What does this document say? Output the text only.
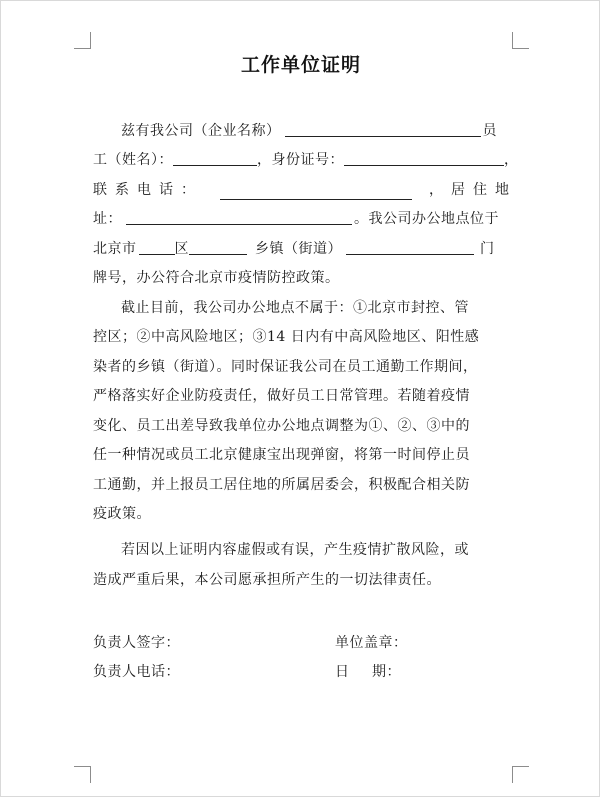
工作单位证明
兹有我公司（企业名称）	员
工（姓名）：	，身份证号：	，
联系电话：	，居住地
址：	。我公司办公地点位于
北京市	区	乡镇（街道）	门
牌号，办公符合北京市疫情防控政策。
截止目前，我公司办公地点不属于：①北京市封控、管
控区；②中高风险地区；③14 日内有中高风险地区、阳性感
染者的乡镇（街道）。同时保证我公司在员工通勤工作期间，
严格落实好企业防疫责任，做好员工日常管理。若随着疫情
变化、员工出差导致我单位办公地点调整为①、②、③中的
任一种情况或员工北京健康宝出现弹窗，将第一时间停止员
工通勤，并上报员工居住地的所属居委会，积极配合相关防
疫政策。
若因以上证明内容虚假或有误，产生疫情扩散风险，或
造成严重后果，本公司愿承担所产生的一切法律责任。
负责人签字：	单位盖章：
负责人电话：	日 期：
